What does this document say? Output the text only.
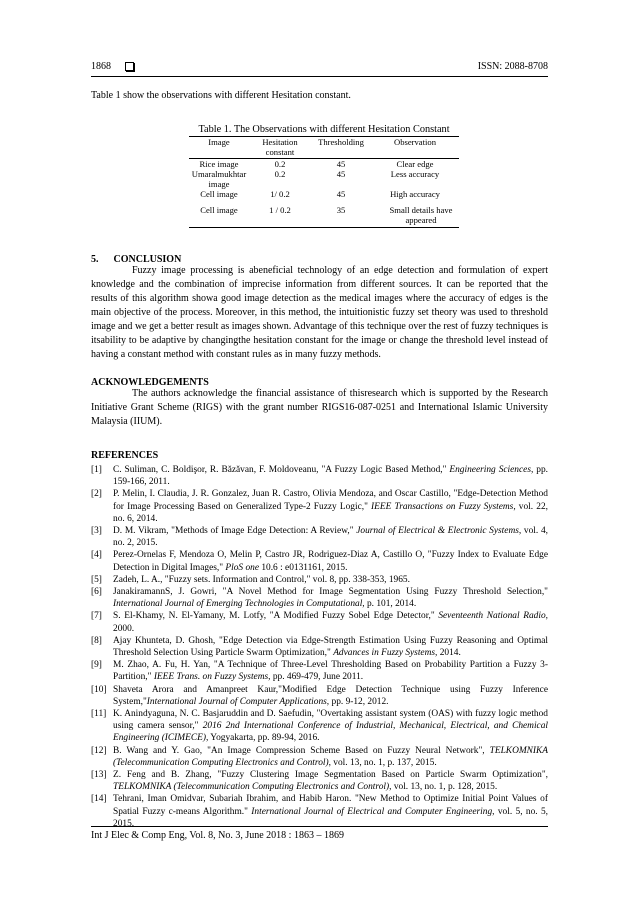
1868	ISSN: 2088-8708
Table 1 show the observations with different Hesitation constant.
Table 1. The Observations with different Hesitation Constant
Image	Hesitation constant	Thresholding	Observation
Rice image	0.2	45	Clear edge
Umaralmukhtar image	0.2	45	Less accuracy
Cell image	1/ 0.2	45	High accuracy
Cell image	1 / 0.2	35	Small details have appeared
5.      CONCLUSION

Fuzzy image processing is abeneficial technology of an edge detection and formulation of expert knowledge and the combination of imprecise information from different sources. It can be reported that the results of this algorithm showa good image detection as the medical images where the accuracy of edges is the main objective of the process. Moreover, in this method, the intuitionistic fuzzy set theory was used to threshold image and we get a better result as images shown. Advantage of this technique over the rest of fuzzy techniques is itsability to be adaptive by changingthe hesitation constant for the image or change the threshold level instead of having a constant method with constant rules as in many fuzzy methods.

ACKNOWLEDGEMENTS

The authors acknowledge the financial assistance of thisresearch which is supported by the Research Initiative Grant Scheme (RIGS) with the grant number RIGS16-087-0251 and International Islamic University Malaysia (IIUM).

REFERENCES

[1] C. Suliman, C. Boldişor, R. Băzăvan, F. Moldoveanu, "A Fuzzy Logic Based Method," Engineering Sciences, pp. 159-166, 2011.

[2] P. Melin, I. Claudia, J. R. Gonzalez, Juan R. Castro, Olivia Mendoza, and Oscar Castillo, "Edge-Detection Method for Image Processing Based on Generalized Type-2 Fuzzy Logic," IEEE Transactions on Fuzzy Systems, vol. 22, no. 6, 2014.

[3] D. M. Vikram, "Methods of Image Edge Detection: A Review," Journal of Electrical & Electronic Systems, vol. 4, no. 2, 2015.

[4] Perez-Ornelas F, Mendoza O, Melin P, Castro JR, Rodriguez-Diaz A, Castillo O, "Fuzzy Index to Evaluate Edge Detection in Digital Images," PloS one 10.6 : e0131161, 2015.

[5] Zadeh, L. A., "Fuzzy sets. Information and Control," vol. 8, pp. 338-353, 1965.

[6] JanakiramannS, J. Gowri, "A Novel Method for Image Segmentation Using Fuzzy Threshold Selection," International Journal of Emerging Technologies in Computational, p. 101, 2014.

[7] S. El-Khamy, N. El-Yamany, M. Lotfy, "A Modified Fuzzy Sobel Edge Detector," Seventeenth National Radio, 2000.

[8] Ajay Khunteta, D. Ghosh, "Edge Detection via Edge-Strength Estimation Using Fuzzy Reasoning and Optimal Threshold Selection Using Particle Swarm Optimization," Advances in Fuzzy Systems, 2014.

[9] M. Zhao, A. Fu, H. Yan, "A Technique of Three-Level Thresholding Based on Probability Partition a Fuzzy 3-Partition," IEEE Trans. on Fuzzy Systems, pp. 469-479, June 2011.

[10] Shaveta Arora and Amanpreet Kaur,"Modified Edge Detection Technique using Fuzzy Inference System,"International Journal of Computer Applications, pp. 9-12, 2012.

[11] K. Anindyaguna, N. C. Basjaruddin and D. Saefudin, "Overtaking assistant system (OAS) with fuzzy logic method using camera sensor," 2016 2nd International Conference of Industrial, Mechanical, Electrical, and Chemical Engineering (ICIMECE), Yogyakarta, pp. 89-94, 2016.

[12] B. Wang and Y. Gao, "An Image Compression Scheme Based on Fuzzy Neural Network", TELKOMNIKA (Telecommunication Computing Electronics and Control), vol. 13, no. 1, p. 137, 2015.

[13] Z. Feng and B. Zhang, "Fuzzy Clustering Image Segmentation Based on Particle Swarm Optimization", TELKOMNIKA (Telecommunication Computing Electronics and Control), vol. 13, no. 1, p. 128, 2015.

[14] Tehrani, Iman Omidvar, Subariah Ibrahim, and Habib Haron. "New Method to Optimize Initial Point Values of Spatial Fuzzy c-means Algorithm." International Journal of Electrical and Computer Engineering, vol. 5, no. 5, 2015.

Int J Elec & Comp Eng, Vol. 8, No. 3, June 2018 : 1863 – 1869
